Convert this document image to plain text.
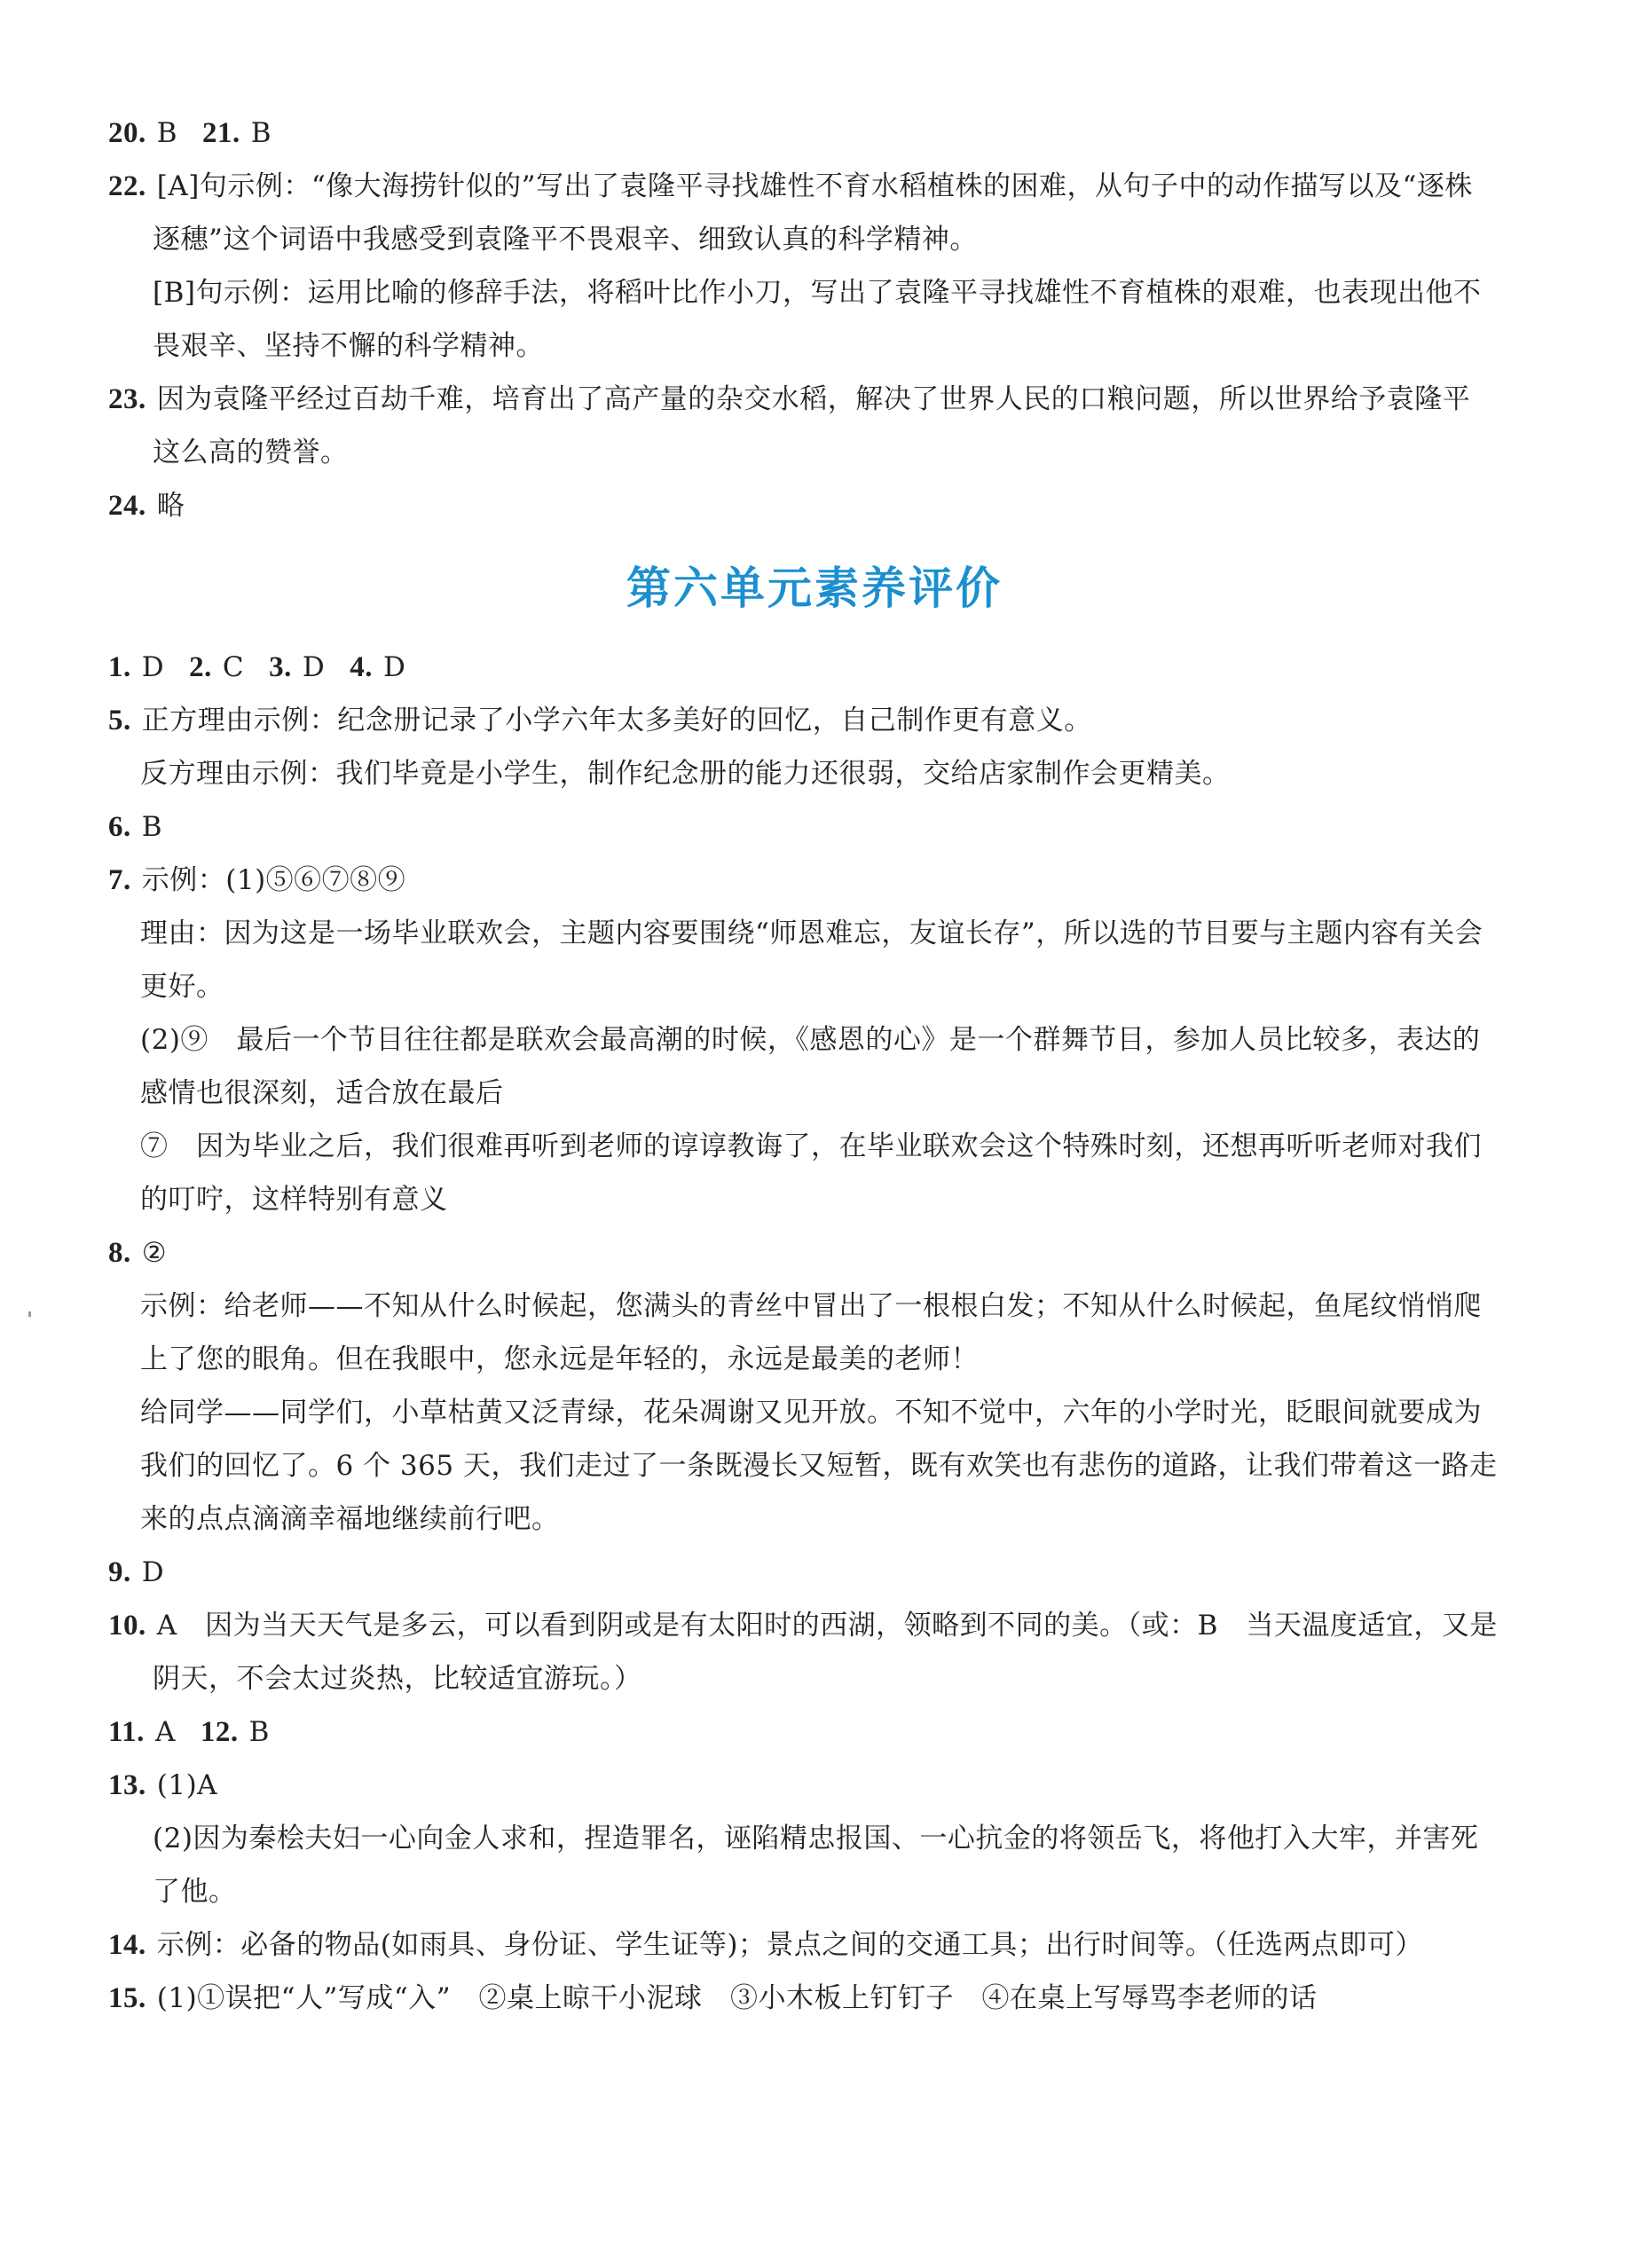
20. B 21. B
22. [A]句示例：“像大海捞针似的”写出了袁隆平寻找雄性不育水稻植株的困难，从句子中的动作描写以及“逐株
逐穗”这个词语中我感受到袁隆平不畏艰辛、细致认真的科学精神。
[B]句示例：运用比喻的修辞手法，将稻叶比作小刀，写出了袁隆平寻找雄性不育植株的艰难，也表现出他不
畏艰辛、坚持不懈的科学精神。
23. 因为袁隆平经过百劫千难，培育出了高产量的杂交水稻，解决了世界人民的口粮问题，所以世界给予袁隆平
这么高的赞誉。
24. 略
第六单元素养评价
1. D 2. C 3. D 4. D
5. 正方理由示例：纪念册记录了小学六年太多美好的回忆，自己制作更有意义。
反方理由示例：我们毕竟是小学生，制作纪念册的能力还很弱，交给店家制作会更精美。
6. B
7. 示例：(1)⑤⑥⑦⑧⑨
理由：因为这是一场毕业联欢会，主题内容要围绕“师恩难忘，友谊长存”，所以选的节目要与主题内容有关会
更好。
(2)⑨　最后一个节目往往都是联欢会最高潮的时候，《感恩的心》是一个群舞节目，参加人员比较多，表达的
感情也很深刻，适合放在最后
⑦　因为毕业之后，我们很难再听到老师的谆谆教诲了，在毕业联欢会这个特殊时刻，还想再听听老师对我们
的叮咛，这样特别有意义
8. ②
示例：给老师——不知从什么时候起，您满头的青丝中冒出了一根根白发；不知从什么时候起，鱼尾纹悄悄爬
上了您的眼角。但在我眼中，您永远是年轻的，永远是最美的老师！
给同学——同学们，小草枯黄又泛青绿，花朵凋谢又见开放。不知不觉中，六年的小学时光，眨眼间就要成为
我们的回忆了。6 个 365 天，我们走过了一条既漫长又短暂，既有欢笑也有悲伤的道路，让我们带着这一路走
来的点点滴滴幸福地继续前行吧。
9. D
10. A　因为当天天气是多云，可以看到阴或是有太阳时的西湖，领略到不同的美。（或：B　当天温度适宜，又是
阴天，不会太过炎热，比较适宜游玩。）
11. A 12. B
13. (1)A
(2)因为秦桧夫妇一心向金人求和，捏造罪名，诬陷精忠报国、一心抗金的将领岳飞，将他打入大牢，并害死
了他。
14. 示例：必备的物品(如雨具、身份证、学生证等)；景点之间的交通工具；出行时间等。（任选两点即可）
15. (1)①误把“人”写成“入”　②桌上晾干小泥球　③小木板上钉钉子　④在桌上写辱骂李老师的话
